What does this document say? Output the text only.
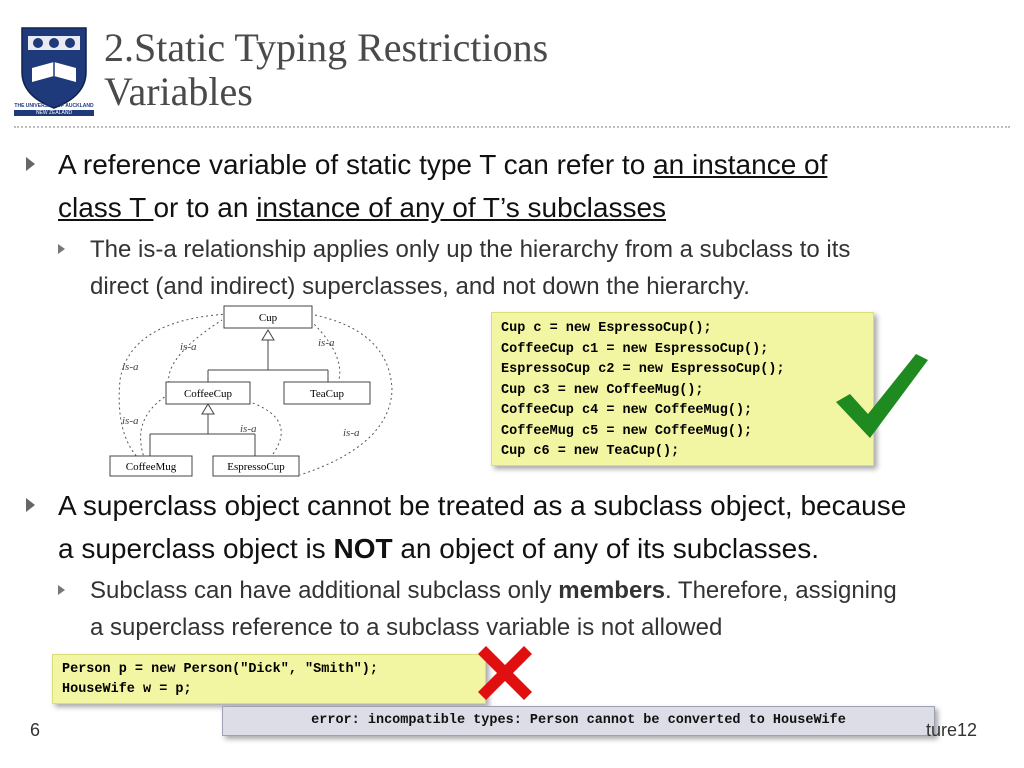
THE UNIVERSITY OF AUCKLAND
NEW ZEALAND
2.Static Typing Restrictions
Variables
A reference variable of static type T can refer to an instance of
class T or to an instance of any of T’s subclasses
The is-a relationship applies only up the hierarchy from a subclass to its
direct (and indirect) superclasses, and not down the hierarchy.
Cup
CoffeeCup	TeaCup
CoffeeMug	EspressoCup
is-a	is-a
is-a
is-a
is-a	is-a
Cup c = new EspressoCup();
CoffeeCup c1 = new EspressoCup();
EspressoCup c2 = new EspressoCup();
Cup c3 = new CoffeeMug();
CoffeeCup c4 = new CoffeeMug();
CoffeeMug c5 = new CoffeeMug();
Cup c6 = new TeaCup();
A superclass object cannot be treated as a subclass object, because
a superclass object is NOT an object of any of its subclasses.
Subclass can have additional subclass only members. Therefore, assigning
a superclass reference to a subclass variable is not allowed
Person p = new Person("Dick", "Smith");
HouseWife w = p;
error: incompatible types: Person cannot be converted to HouseWife
6	ture12
